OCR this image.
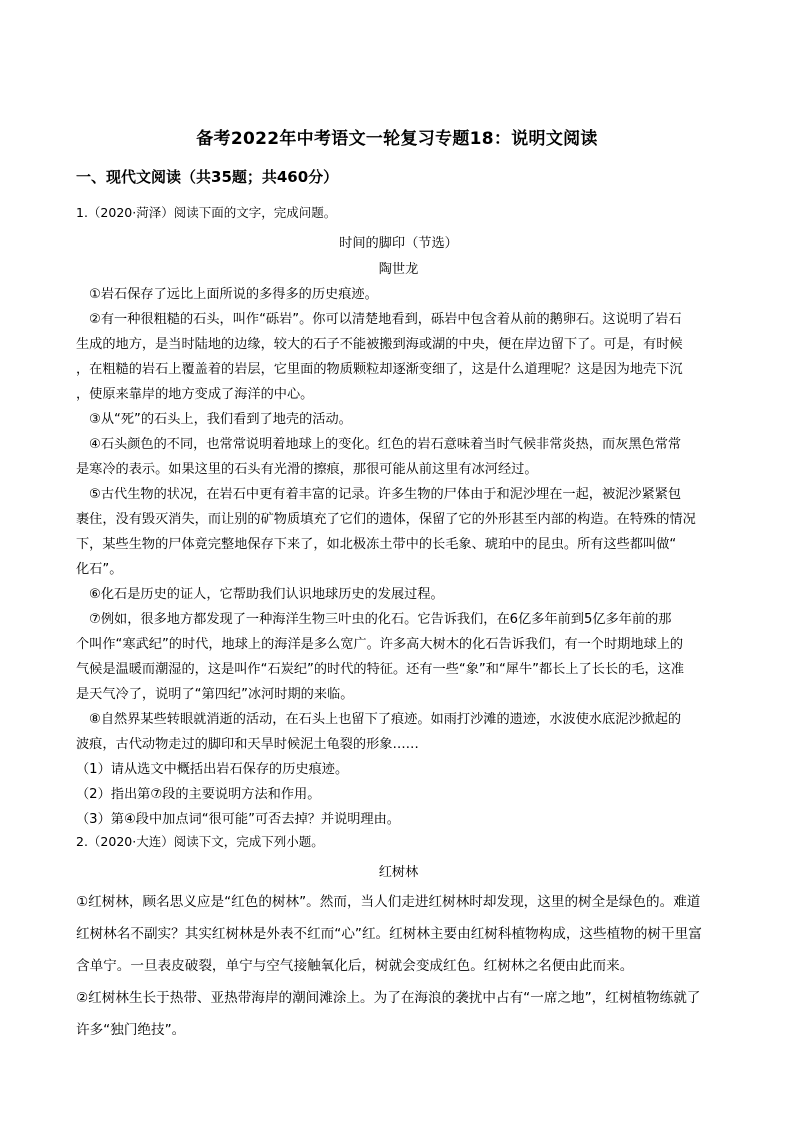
备考2022年中考语文一轮复习专题18：说明文阅读
一、现代文阅读（共35题；共460分）
1.（2020·菏泽）阅读下面的文字，完成问题。
时间的脚印（节选）
陶世龙
①岩石保存了远比上面所说的多得多的历史痕迹。
②有一种很粗糙的石头，叫作“砾岩”。你可以清楚地看到，砾岩中包含着从前的鹅卵石。这说明了岩石
生成的地方，是当时陆地的边缘，较大的石子不能被搬到海或湖的中央，便在岸边留下了。可是，有时候
，在粗糙的岩石上覆盖着的岩层，它里面的物质颗粒却逐渐变细了，这是什么道理呢？这是因为地壳下沉
，使原来靠岸的地方变成了海洋的中心。
③从“死”的石头上，我们看到了地壳的活动。
④石头颜色的不同，也常常说明着地球上的变化。红色的岩石意味着当时气候非常炎热，而灰黑色常常
是寒冷的表示。如果这里的石头有光滑的擦痕，那很可能从前这里有冰河经过。
⑤古代生物的状况，在岩石中更有着丰富的记录。许多生物的尸体由于和泥沙埋在一起，被泥沙紧紧包
裹住，没有毁灭消失，而让别的矿物质填充了它们的遗体，保留了它的外形甚至内部的构造。在特殊的情况
下，某些生物的尸体竟完整地保存下来了，如北极冻土带中的长毛象、琥珀中的昆虫。所有这些都叫做“
化石”。
⑥化石是历史的证人，它帮助我们认识地球历史的发展过程。
⑦例如，很多地方都发现了一种海洋生物三叶虫的化石。它告诉我们，在6亿多年前到5亿多年前的那
个叫作“寒武纪”的时代，地球上的海洋是多么宽广。许多高大树木的化石告诉我们，有一个时期地球上的
气候是温暖而潮湿的，这是叫作“石炭纪”的时代的特征。还有一些“象”和“犀牛”都长上了长长的毛，这准
是天气冷了，说明了“第四纪”冰河时期的来临。
⑧自然界某些转眼就消逝的活动，在石头上也留下了痕迹。如雨打沙滩的遗迹，水波使水底泥沙掀起的
波痕，古代动物走过的脚印和天旱时候泥土龟裂的形象……
（1）请从选文中概括出岩石保存的历史痕迹。
（2）指出第⑦段的主要说明方法和作用。
（3）第④段中加点词“很可能”可否去掉？并说明理由。
2.（2020·大连）阅读下文，完成下列小题。
红树林
①红树林，顾名思义应是“红色的树林”。然而，当人们走进红树林时却发现，这里的树全是绿色的。难道
红树林名不副实？其实红树林是外表不红而“心”红。红树林主要由红树科植物构成，这些植物的树干里富
含单宁。一旦表皮破裂，单宁与空气接触氧化后，树就会变成红色。红树林之名便由此而来。
②红树林生长于热带、亚热带海岸的潮间滩涂上。为了在海浪的袭扰中占有“一席之地”，红树植物练就了
许多“独门绝技”。
